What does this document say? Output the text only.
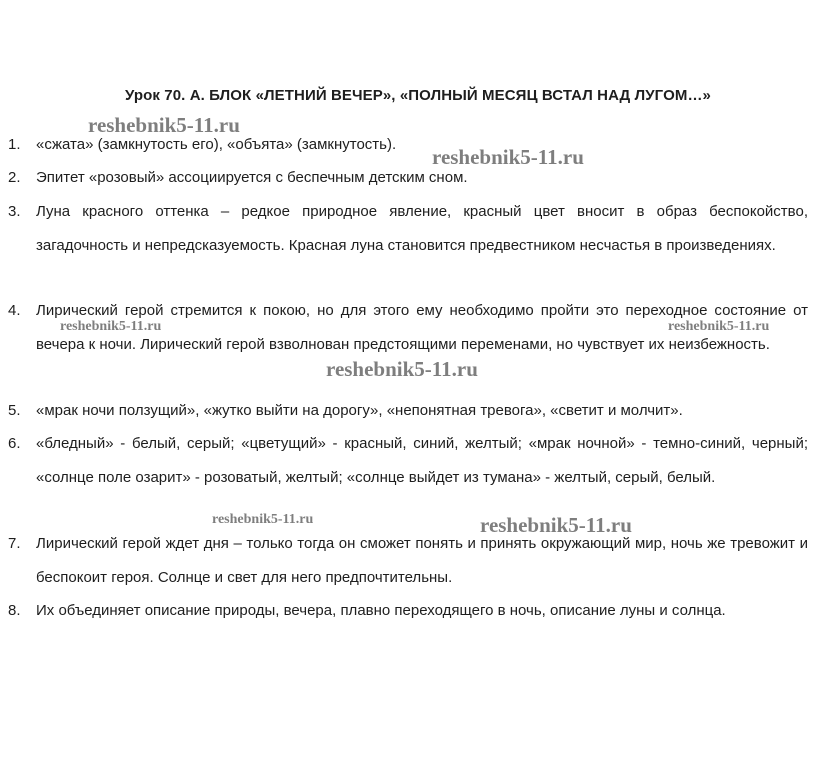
Урок 70. А. БЛОК «ЛЕТНИЙ ВЕЧЕР», «ПОЛНЫЙ МЕСЯЦ ВСТАЛ НАД ЛУГОМ…»
1. «сжата» (замкнутость его), «объята» (замкнутость).
2. Эпитет «розовый» ассоциируется с беспечным детским сном.
3. Луна красного оттенка – редкое природное явление, красный цвет вносит в образ беспокойство, загадочность и непредсказуемость. Красная луна становится предвестником несчастья в произведениях.
4. Лирический герой стремится к покою, но для этого ему необходимо пройти это переходное состояние от вечера к ночи. Лирический герой взволнован предстоящими переменами, но чувствует их неизбежность.
5. «мрак ночи ползущий», «жутко выйти на дорогу», «непонятная тревога», «светит и молчит».
6. «бледный» - белый, серый; «цветущий» - красный, синий, желтый; «мрак ночной» - темно-синий, черный; «солнце поле озарит» - розоватый, желтый; «солнце выйдет из тумана» - желтый, серый, белый.
7. Лирический герой ждет дня – только тогда он сможет понять и принять окружающий мир, ночь же тревожит и беспокоит героя. Солнце и свет для него предпочтительны.
8. Их объединяет описание природы, вечера, плавно переходящего в ночь, описание луны и солнца.
reshebnik5-11.ru
reshebnik5-11.ru
reshebnik5-11.ru	reshebnik5-11.ru
reshebnik5-11.ru
reshebnik5-11.ru	reshebnik5-11.ru
